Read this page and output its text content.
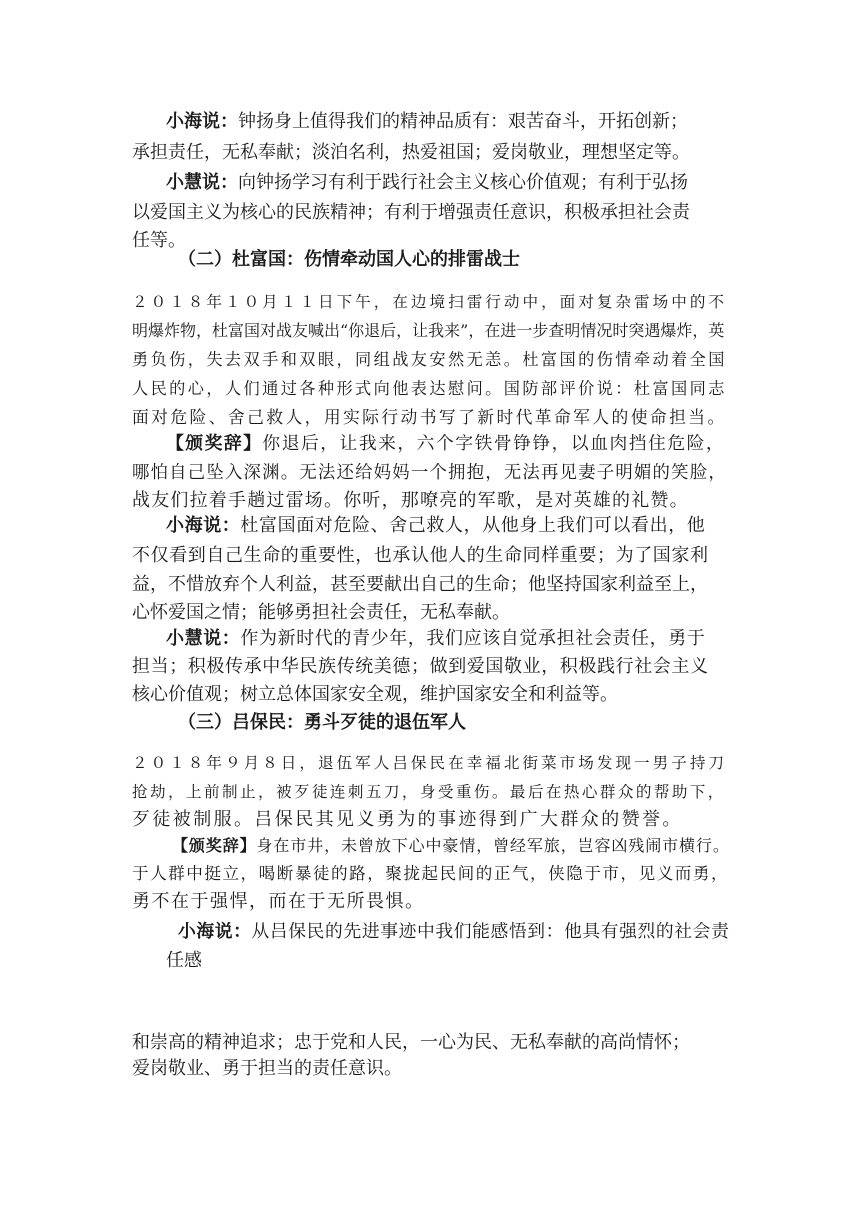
小海说：钟扬身上值得我们的精神品质有：艰苦奋斗，开拓创新；
承担责任，无私奉献；淡泊名利，热爱祖国；爱岗敬业，理想坚定等。
小慧说：向钟扬学习有利于践行社会主义核心价值观；有利于弘扬
以爱国主义为核心的民族精神；有利于增强责任意识，积极承担社会责
任等。
（二）杜富国：伤情牵动国人心的排雷战士
２０１８年１０月１１日下午，在边境扫雷行动中，面对复杂雷场中的不
明爆炸物，杜富国对战友喊出“你退后，让我来”，在进一步查明情况时突遇爆炸，英
勇负伤，失去双手和双眼，同组战友安然无恙。杜富国的伤情牵动着全国
人民的心，人们通过各种形式向他表达慰问。国防部评价说：杜富国同志
面对危险、舍己救人，用实际行动书写了新时代革命军人的使命担当。
【颁奖辞】你退后，让我来，六个字铁骨铮铮，以血肉挡住危险，
哪怕自己坠入深渊。无法还给妈妈一个拥抱，无法再见妻子明媚的笑脸，
战友们拉着手趟过雷场。你听，那嘹亮的军歌，是对英雄的礼赞。
小海说：杜富国面对危险、舍己救人，从他身上我们可以看出，他
不仅看到自己生命的重要性，也承认他人的生命同样重要；为了国家利
益，不惜放弃个人利益，甚至要献出自己的生命；他坚持国家利益至上，
心怀爱国之情；能够勇担社会责任，无私奉献。
小慧说：作为新时代的青少年，我们应该自觉承担社会责任，勇于
担当；积极传承中华民族传统美德；做到爱国敬业，积极践行社会主义
核心价值观；树立总体国家安全观，维护国家安全和利益等。
（三）吕保民：勇斗歹徒的退伍军人
２０１８年９月８日，退伍军人吕保民在幸福北街菜市场发现一男子持刀
抢劫，上前制止，被歹徒连刺五刀，身受重伤。最后在热心群众的帮助下，
歹徒被制服。吕保民其见义勇为的事迹得到广大群众的赞誉。
【颁奖辞】身在市井，未曾放下心中豪情，曾经军旅，岂容凶残闹市横行。
于人群中挺立，喝断暴徒的路，聚拢起民间的正气，侠隐于市，见义而勇，
勇不在于强悍，而在于无所畏惧。
小海说：从吕保民的先进事迹中我们能感悟到：他具有强烈的社会责
任感
和崇高的精神追求；忠于党和人民，一心为民、无私奉献的高尚情怀；
爱岗敬业、勇于担当的责任意识。
